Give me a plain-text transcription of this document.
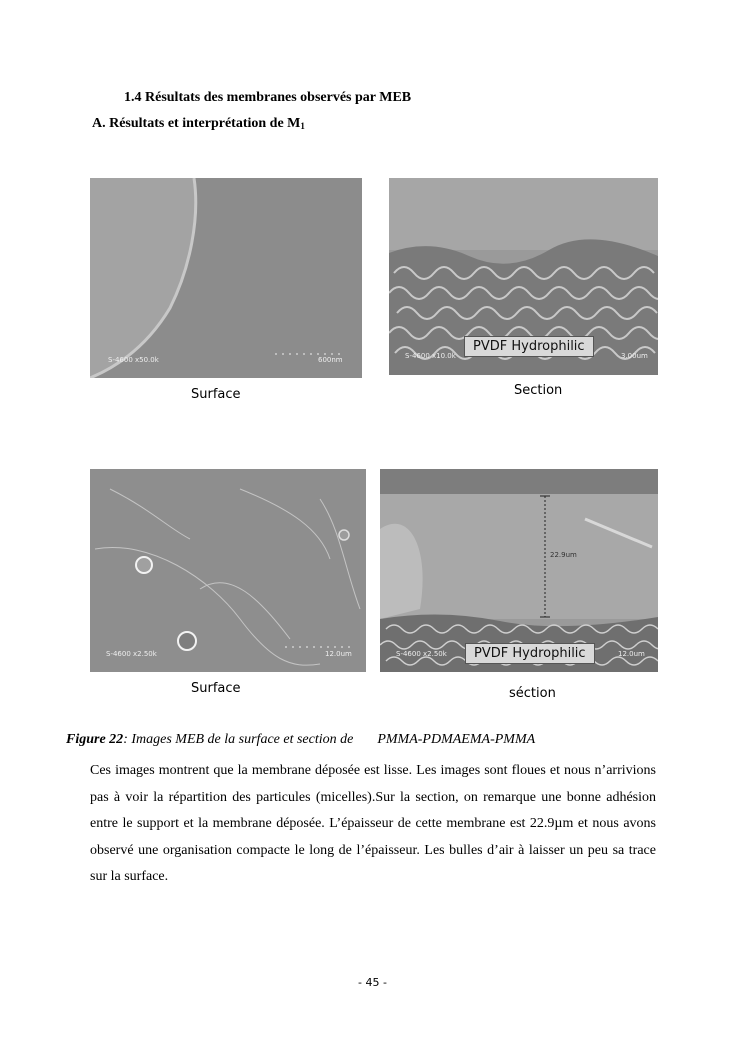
1.4 Résultats des membranes observés par MEB
A. Résultats et interprétation de $M_1$
S-4600 x50.0k	600nm
Surface
PVDF Hydrophilic
S-4600 x10.0k	3.00um
Section
S-4600 x2.50k	12.0um
Surface
22.9um
PVDF Hydrophilic
S-4600 x2.50k	12.0um
séction
Figure 22: Images MEB de la surface et section de PMMA-PDMAEMA-PMMA
Ces images montrent que la membrane déposée est lisse. Les images sont floues et nous n’arrivions pas à voir la répartition des particules (micelles).Sur la section, on remarque une bonne adhésion entre le support et la membrane déposée. L’épaisseur de cette membrane est 22.9µm et nous avons observé une organisation compacte le long de l’épaisseur. Les bulles d’air à laisser un peu sa trace sur la surface.
- 45 -
